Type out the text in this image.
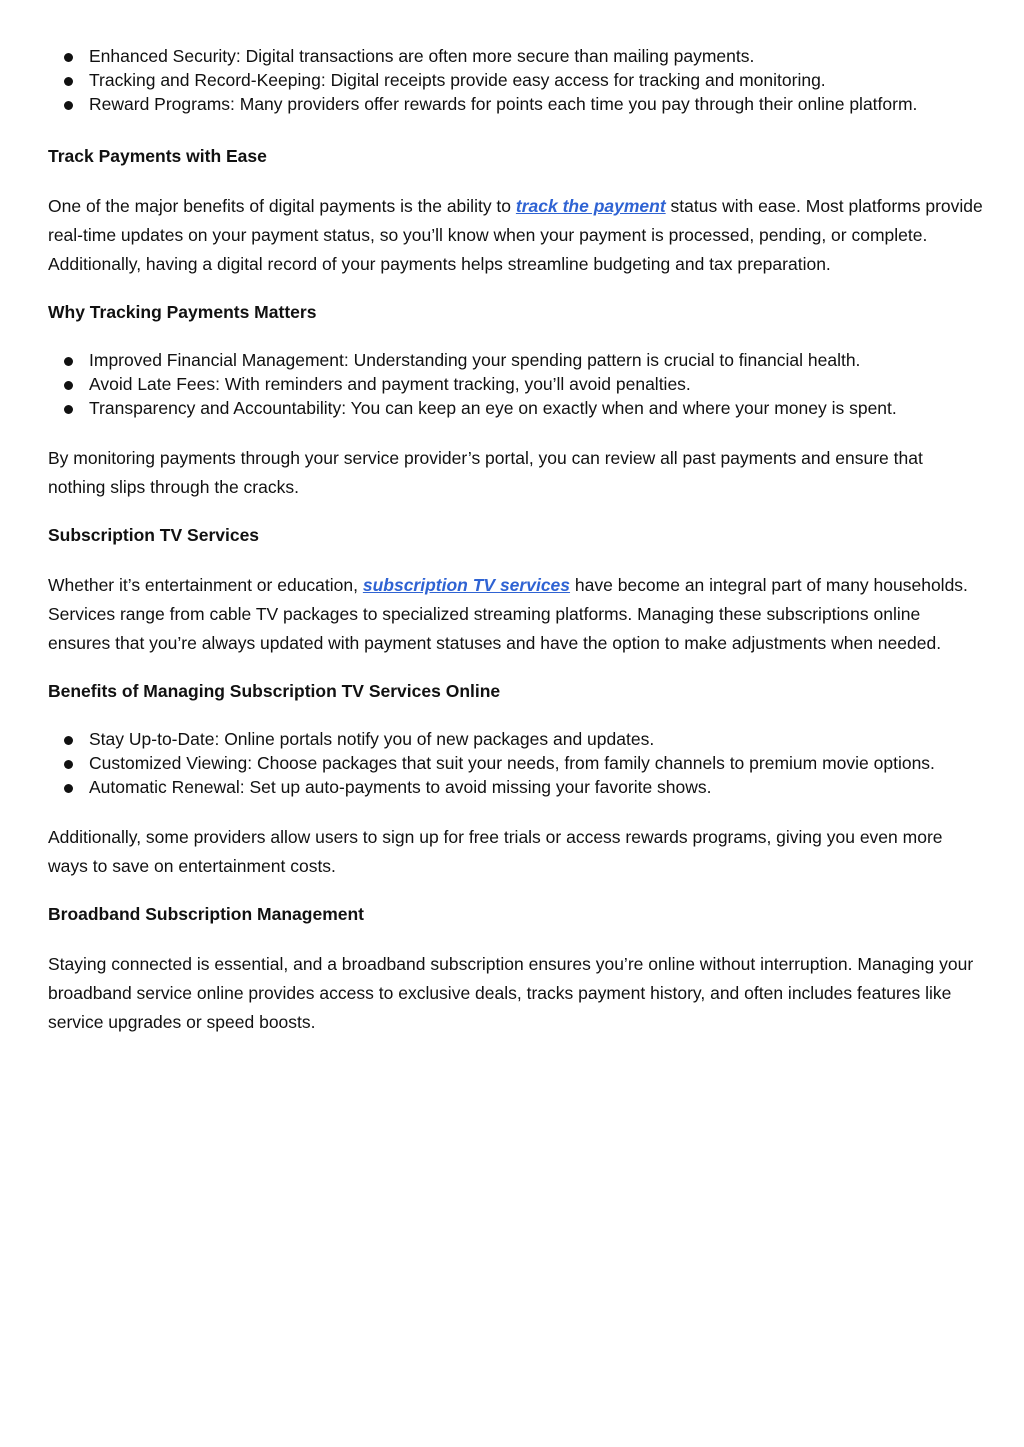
Enhanced Security: Digital transactions are often more secure than mailing payments.
Tracking and Record-Keeping: Digital receipts provide easy access for tracking and monitoring.
Reward Programs: Many providers offer rewards for points each time you pay through their online platform.
Track Payments with Ease

One of the major benefits of digital payments is the ability to track the payment status with ease. Most platforms provide real-time updates on your payment status, so you’ll know when your payment is processed, pending, or complete. Additionally, having a digital record of your payments helps streamline budgeting and tax preparation.

Why Tracking Payments Matters
Improved Financial Management: Understanding your spending pattern is crucial to financial health.
Avoid Late Fees: With reminders and payment tracking, you’ll avoid penalties.
Transparency and Accountability: You can keep an eye on exactly when and where your money is spent.

By monitoring payments through your service provider’s portal, you can review all past payments and ensure that nothing slips through the cracks.

Subscription TV Services

Whether it’s entertainment or education, subscription TV services have become an integral part of many households. Services range from cable TV packages to specialized streaming platforms. Managing these subscriptions online ensures that you’re always updated with payment statuses and have the option to make adjustments when needed.

Benefits of Managing Subscription TV Services Online
Stay Up-to-Date: Online portals notify you of new packages and updates.
Customized Viewing: Choose packages that suit your needs, from family channels to premium movie options.
Automatic Renewal: Set up auto-payments to avoid missing your favorite shows.

Additionally, some providers allow users to sign up for free trials or access rewards programs, giving you even more ways to save on entertainment costs.

Broadband Subscription Management

Staying connected is essential, and a broadband subscription ensures you’re online without interruption. Managing your broadband service online provides access to exclusive deals, tracks payment history, and often includes features like service upgrades or speed boosts.
